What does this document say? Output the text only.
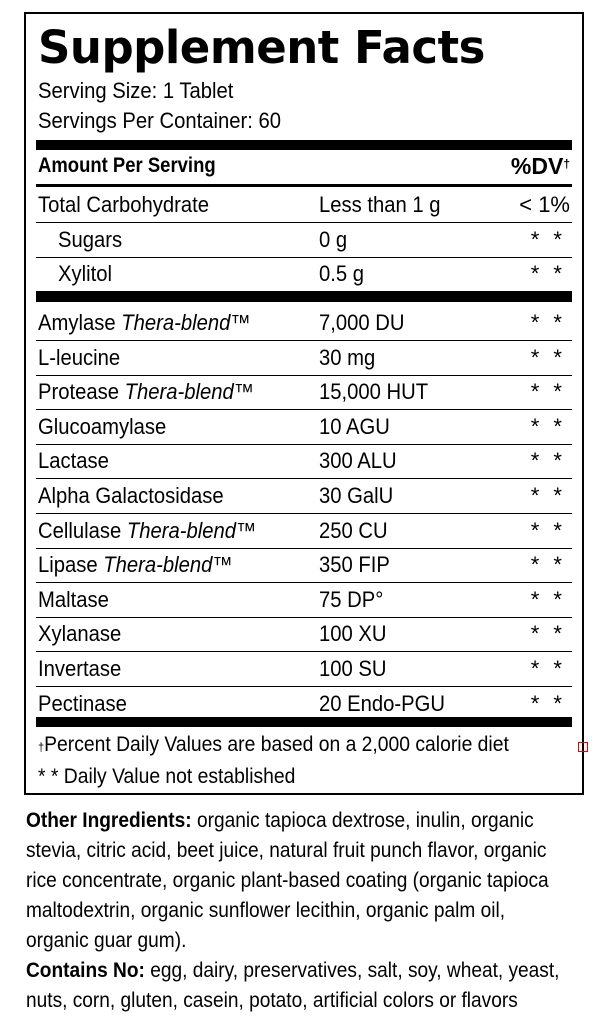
Supplement Facts
Serving Size: 1 Tablet
Servings Per Container: 60
Amount Per Serving	%DV†
†Percent Daily Values are based on a 2,000 calorie diet
* * Daily Value not established
Total Carbohydrate	Less than 1 g	< 1%
Sugars	0 g	* *
Xylitol	0.5 g	* *
Amylase Thera-blend™	7,000 DU	* *
L-leucine	30 mg	* *
Protease Thera-blend™	15,000 HUT	* *
Glucoamylase	10 AGU	* *
Lactase	300 ALU	* *
Alpha Galactosidase	30 GalU	* *
Cellulase Thera-blend™	250 CU	* *
Lipase Thera-blend™	350 FIP	* *
Maltase	75 DP°	* *
Xylanase	100 XU	* *
Invertase	100 SU	* *
Pectinase	20 Endo-PGU	* *
Other Ingredients: organic tapioca dextrose, inulin, organic
stevia, citric acid, beet juice, natural fruit punch flavor, organic
rice concentrate, organic plant-based coating (organic tapioca
maltodextrin, organic sunflower lecithin, organic palm oil,
organic guar gum).
Contains No: egg, dairy, preservatives, salt, soy, wheat, yeast,
nuts, corn, gluten, casein, potato, artificial colors or flavors
